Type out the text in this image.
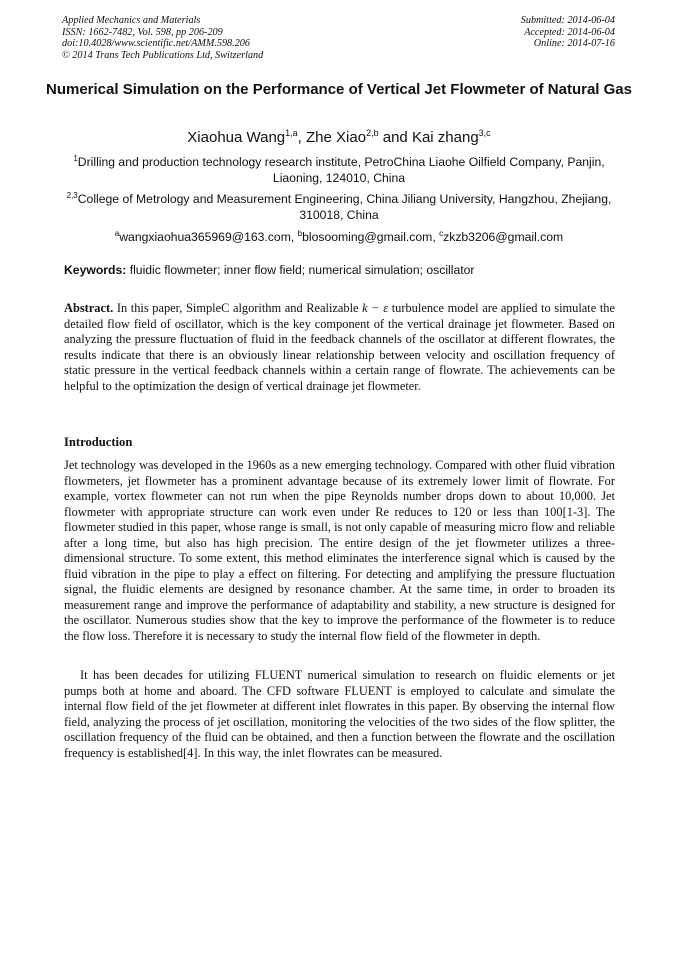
Applied Mechanics and Materials
ISSN: 1662-7482, Vol. 598, pp 206-209
doi:10.4028/www.scientific.net/AMM.598.206
© 2014 Trans Tech Publications Ltd, Switzerland
Submitted: 2014-06-04
Accepted: 2014-06-04
Online: 2014-07-16
Numerical Simulation on the Performance of Vertical Jet Flowmeter of Natural Gas
Xiaohua Wang$^{1,a}$, Zhe Xiao$^{2,b}$ and Kai zhang$^{3,c}$
$^1$Drilling and production technology research institute, PetroChina Liaohe Oilfield Company, Panjin, Liaoning, 124010, China
$^{2,3}$College of Metrology and Measurement Engineering, China Jiliang University, Hangzhou, Zhejiang, 310018, China
$^a$wangxiaohua365969@163.com, $^b$blosooming@gmail.com, $^c$zkzb3206@gmail.com
Keywords: fluidic flowmeter; inner flow field; numerical simulation; oscillator
Abstract. In this paper, SimpleC algorithm and Realizable k − ε turbulence model are applied to simulate the detailed flow field of oscillator, which is the key component of the vertical drainage jet flowmeter. Based on analyzing the pressure fluctuation of fluid in the feedback channels of the oscillator at different flowrates, the results indicate that there is an obviously linear relationship between velocity and oscillation frequency of static pressure in the vertical feedback channels within a certain range of flowrate. The achievements can be helpful to the optimization the design of vertical drainage jet flowmeter.
Introduction
Jet technology was developed in the 1960s as a new emerging technology. Compared with other fluid vibration flowmeters, jet flowmeter has a prominent advantage because of its extremely lower limit of flowrate. For example, vortex flowmeter can not run when the pipe Reynolds number drops down to about 10,000. Jet flowmeter with appropriate structure can work even under Re reduces to 120 or less than 100[1-3]. The flowmeter studied in this paper, whose range is small, is not only capable of measuring micro flow and reliable after a long time, but also has high precision. The entire design of the jet flowmeter utilizes a three-dimensional structure. To some extent, this method eliminates the interference signal which is caused by the fluid vibration in the pipe to play a effect on filtering. For detecting and amplifying the pressure fluctuation signal, the fluidic elements are designed by resonance chamber. At the same time, in order to broaden its measurement range and improve the performance of adaptability and stability, a new structure is designed for the oscillator. Numerous studies show that the key to improve the performance of the flowmeter is to reduce the flow loss. Therefore it is necessary to study the internal flow field of the flowmeter in depth.
It has been decades for utilizing FLUENT numerical simulation to research on fluidic elements or jet pumps both at home and aboard. The CFD software FLUENT is employed to calculate and simulate the internal flow field of the jet flowmeter at different inlet flowrates in this paper. By observing the internal flow field, analyzing the process of jet oscillation, monitoring the velocities of the two sides of the flow splitter, the oscillation frequency of the fluid can be obtained, and then a function between the flowrate and the oscillation frequency is established[4]. In this way, the inlet flowrates can be measured.
